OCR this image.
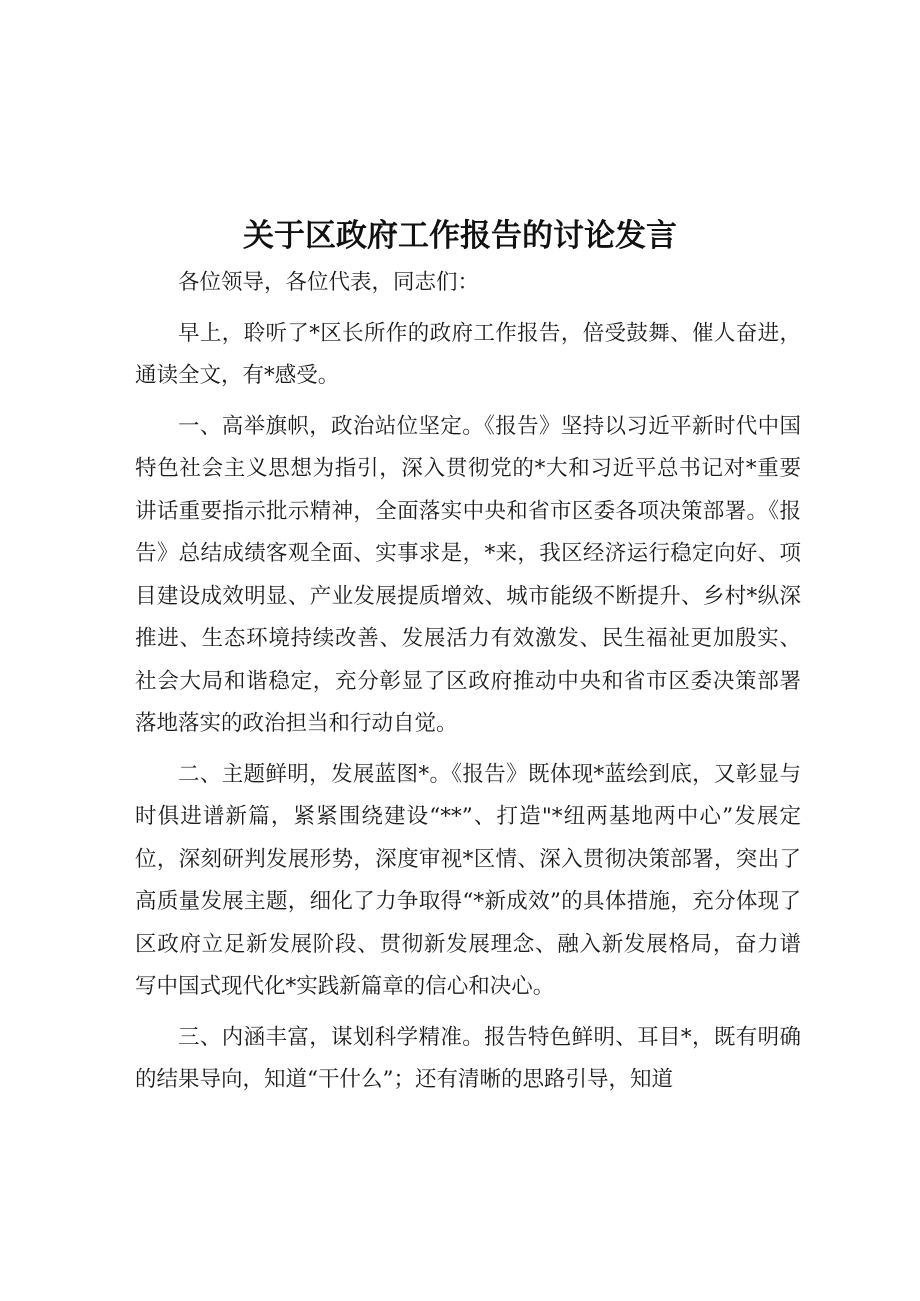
关于区政府工作报告的讨论发言

各位领导，各位代表，同志们：

早上，聆听了*区长所作的政府工作报告，倍受鼓舞、催人奋进，通读全文，有*感受。

一、高举旗帜，政治站位坚定。《报告》坚持以习近平新时代中国特色社会主义思想为指引，深入贯彻党的*大和习近平总书记对*重要讲话重要指示批示精神，全面落实中央和省市区委各项决策部署。《报告》总结成绩客观全面、实事求是，*来，我区经济运行稳定向好、项目建设成效明显、产业发展提质增效、城市能级不断提升、乡村*纵深推进、生态环境持续改善、发展活力有效激发、民生福祉更加殷实、社会大局和谐稳定，充分彰显了区政府推动中央和省市区委决策部署落地落实的政治担当和行动自觉。

二、主题鲜明，发展蓝图*。《报告》既体现*蓝绘到底，又彰显与时俱进谱新篇，紧紧围绕建设“**”、打造"*纽两基地两中心”发展定位，深刻研判发展形势，深度审视*区情、深入贯彻决策部署，突出了高质量发展主题，细化了力争取得“*新成效”的具体措施，充分体现了区政府立足新发展阶段、贯彻新发展理念、融入新发展格局，奋力谱写中国式现代化*实践新篇章的信心和决心。

三、内涵丰富，谋划科学精准。报告特色鲜明、耳目*，既有明确的结果导向，知道“干什么”；还有清晰的思路引导，知道
